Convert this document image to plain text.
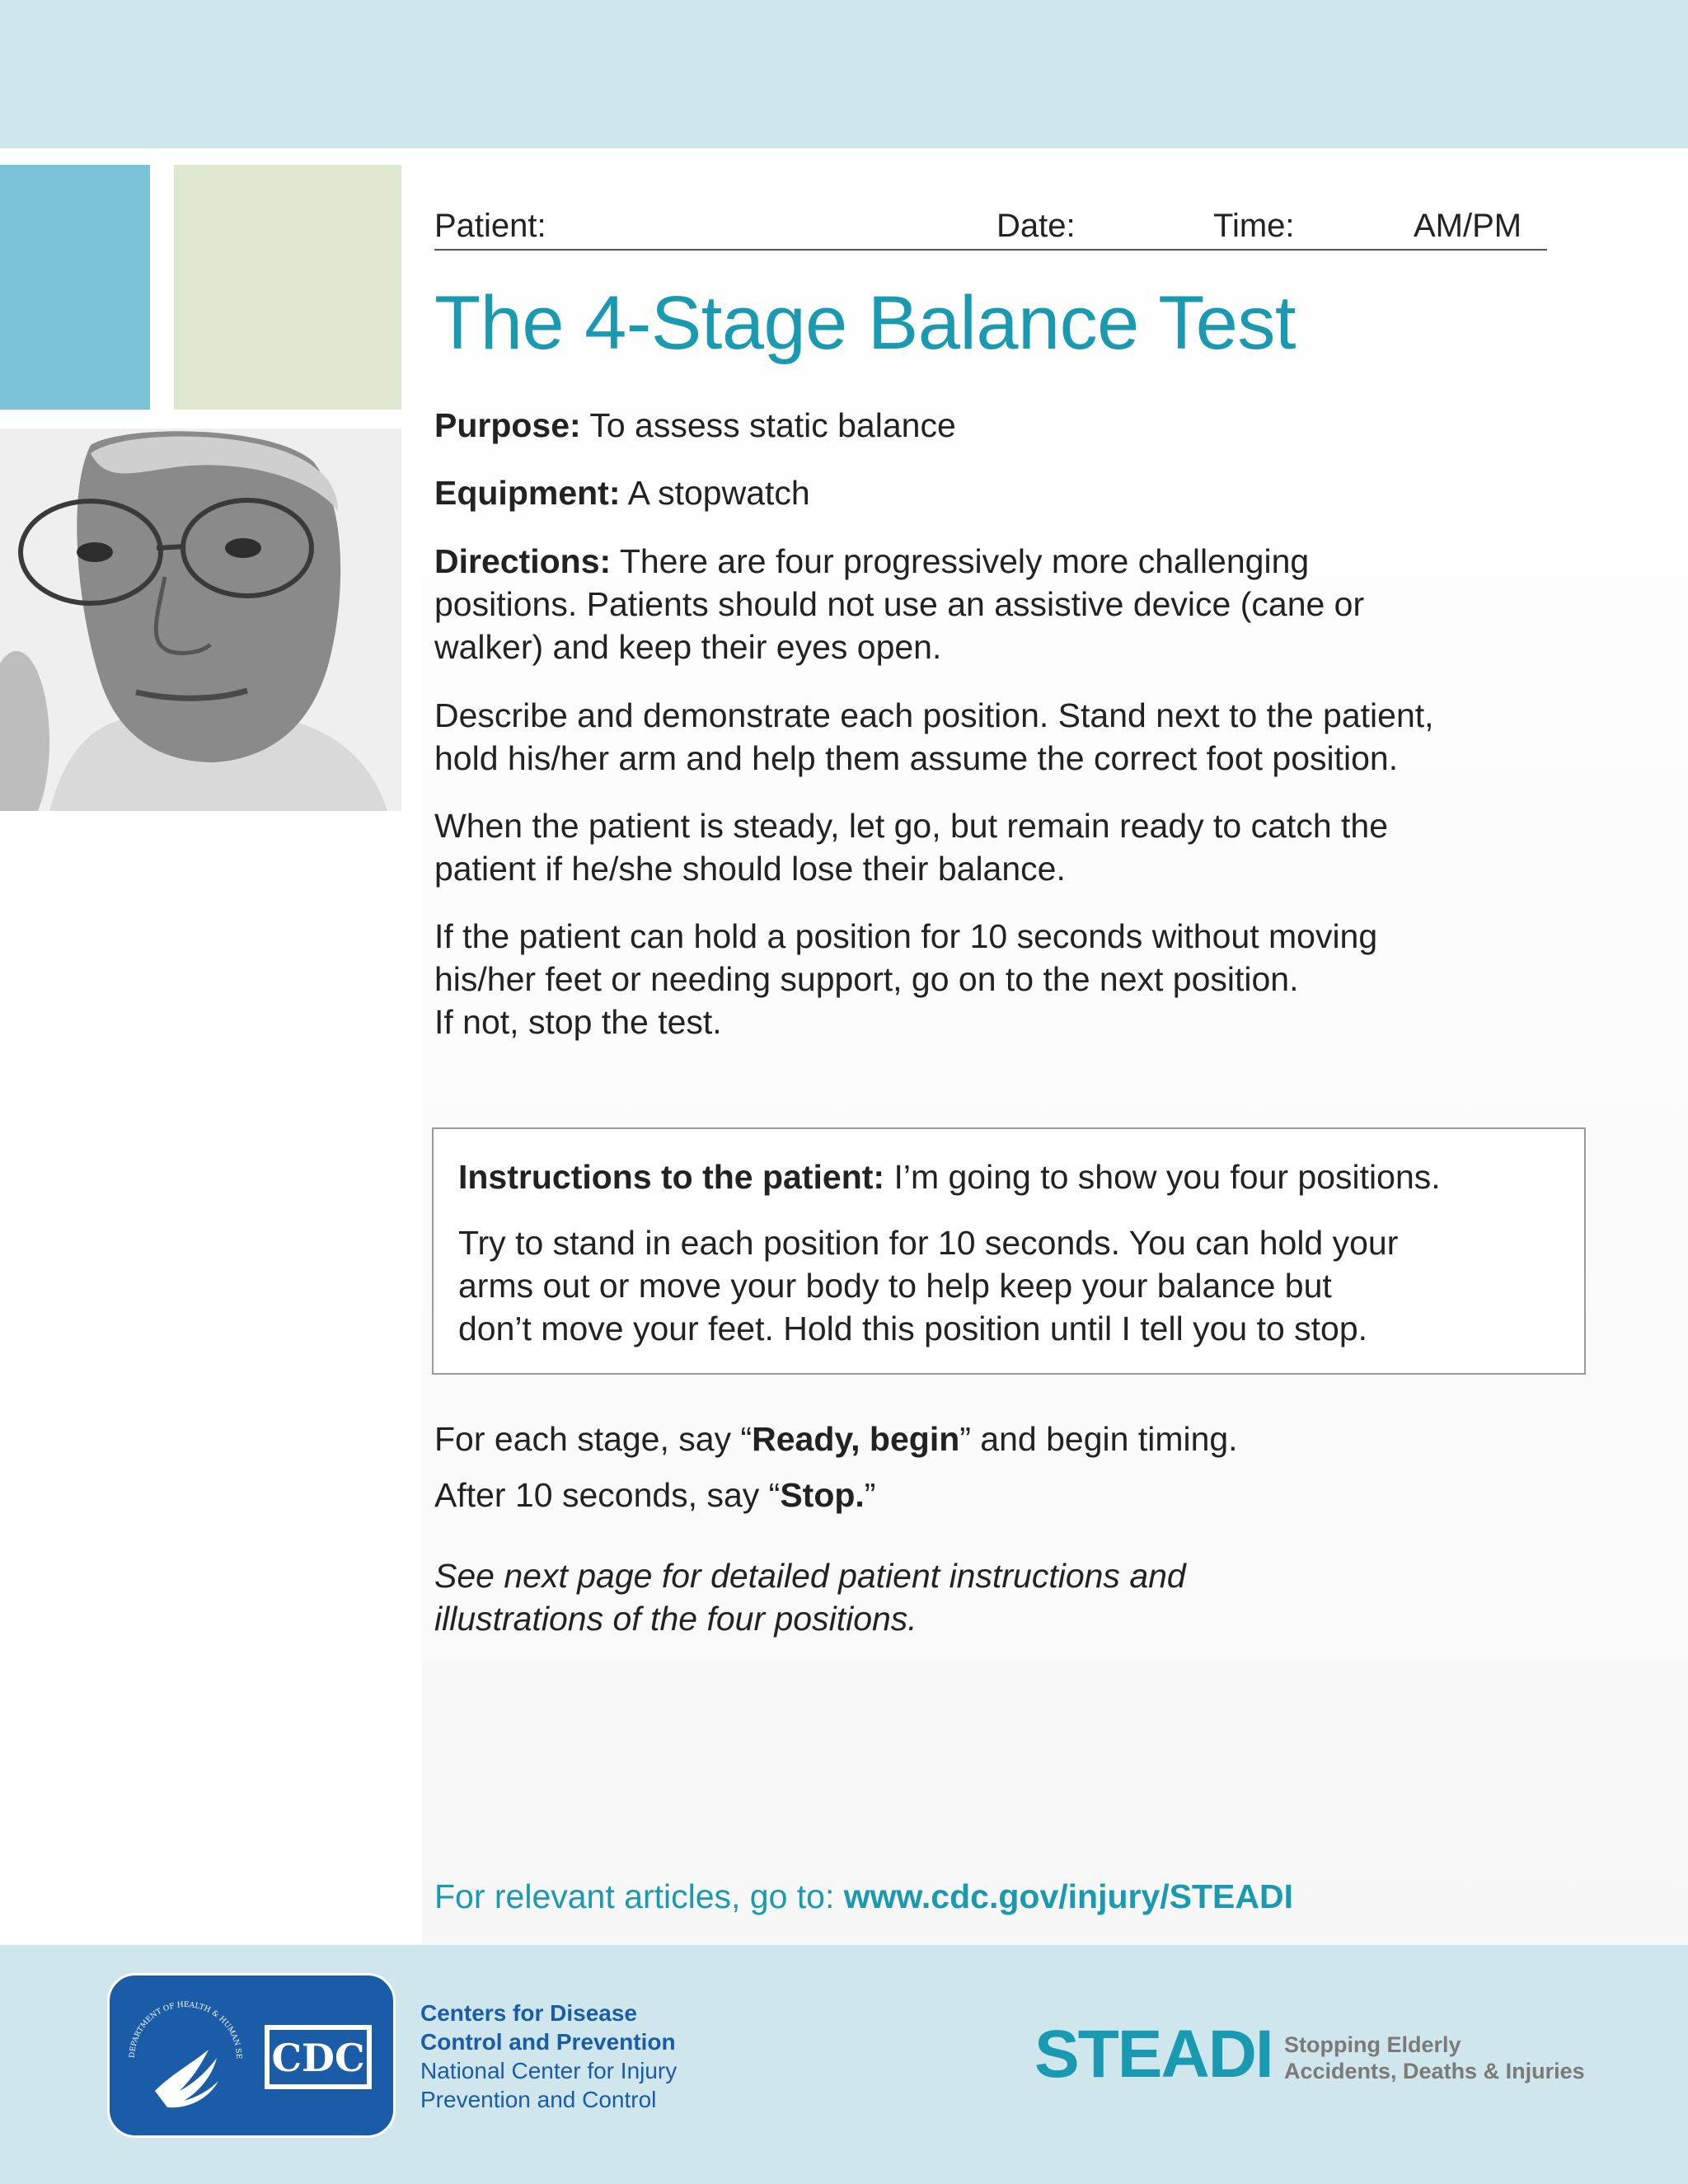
Patient:	Date:	Time:	AM/PM
The 4-Stage Balance Test
Purpose: To assess static balance
Equipment: A stopwatch
Directions: There are four progressively more challenging
positions. Patients should not use an assistive device (cane or
walker) and keep their eyes open.
Describe and demonstrate each position. Stand next to the patient,
hold his/her arm and help them assume the correct foot position.
When the patient is steady, let go, but remain ready to catch the
patient if he/she should lose their balance.
If the patient can hold a position for 10 seconds without moving
his/her feet or needing support, go on to the next position.
If not, stop the test.
Instructions to the patient: I’m going to show you four positions.
Try to stand in each position for 10 seconds. You can hold your
arms out or move your body to help keep your balance but
don’t move your feet. Hold this position until I tell you to stop.
For each stage, say “Ready, begin” and begin timing.
After 10 seconds, say “Stop.”
See next page for detailed patient instructions and
illustrations of the four positions.
For relevant articles, go to: www.cdc.gov/injury/STEADI
DEPARTMENT OF HEALTH & HUMAN SE CDC
Centers for Disease
Control and Prevention
National Center for Injury
Prevention and Control
STEADI Stopping Elderly
Accidents, Deaths & Injuries
